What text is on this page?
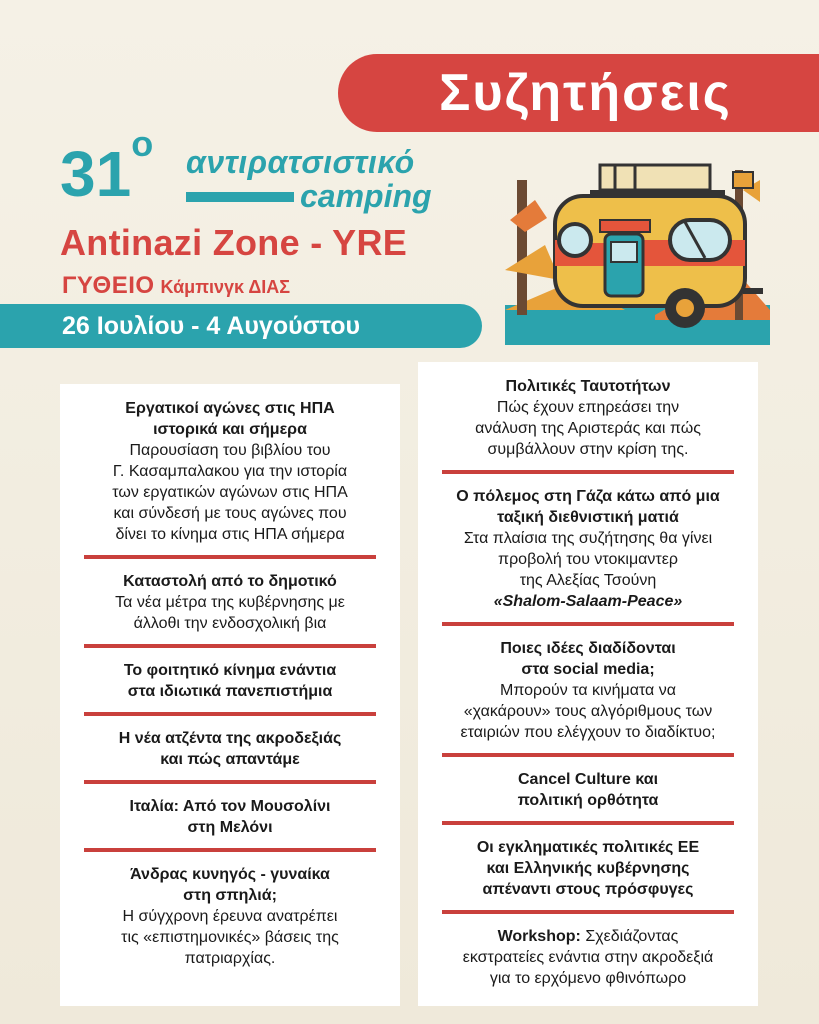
Συζητήσεις
$31^o$ αντιρατσιστικό
camping
Antinazi Zone - YRE
ΓΥΘΕΙΟ Κάμπινγκ ΔΙΑΣ
26 Ιουλίου - 4 Αυγούστου
Εργατικοί αγώνες στις ΗΠΑ
ιστορικά και σήμερα
Παρουσίαση του βιβλίου του
Γ. Κασαμπαλακου για την ιστορία
των εργατικών αγώνων στις ΗΠΑ
και σύνδεσή με τους αγώνες που
δίνει το κίνημα στις ΗΠΑ σήμερα
Καταστολή από το δημοτικό
Τα νέα μέτρα της κυβέρνησης με
άλλοθι την ενδοσχολική βια
Το φοιτητικό κίνημα ενάντια
στα ιδιωτικά πανεπιστήμια
Η νέα ατζέντα της ακροδεξιάς
και πώς απαντάμε
Ιταλία: Από τον Μουσολίνι
στη Μελόνι
Άνδρας κυνηγός - γυναίκα
στη σπηλιά;
Η σύγχρονη έρευνα ανατρέπει
τις «επιστημονικές» βάσεις της
πατριαρχίας.
Πολιτικές Ταυτοτήτων
Πώς έχουν επηρεάσει την
ανάλυση της Αριστεράς και πώς
συμβάλλουν στην κρίση της.
Ο πόλεμος στη Γάζα κάτω από μια
ταξική διεθνιστική ματιά
Στα πλαίσια της συζήτησης θα γίνει
προβολή του ντοκιμαντερ
της Αλεξίας Τσούνη
«Shalom-Salaam-Peace»
Ποιες ιδέες διαδίδονται
στα social media;
Μπορούν τα κινήματα να
«χακάρουν» τους αλγόριθμους των
εταιριών που ελέγχουν το διαδίκτυο;
Cancel Culture και
πολιτική ορθότητα
Οι εγκληματικές πολιτικές ΕΕ
και Ελληνικής κυβέρνησης
απέναντι στους πρόσφυγες
Workshop: Σχεδιάζοντας
εκστρατείες ενάντια στην ακροδεξιά
για το ερχόμενο φθινόπωρο
